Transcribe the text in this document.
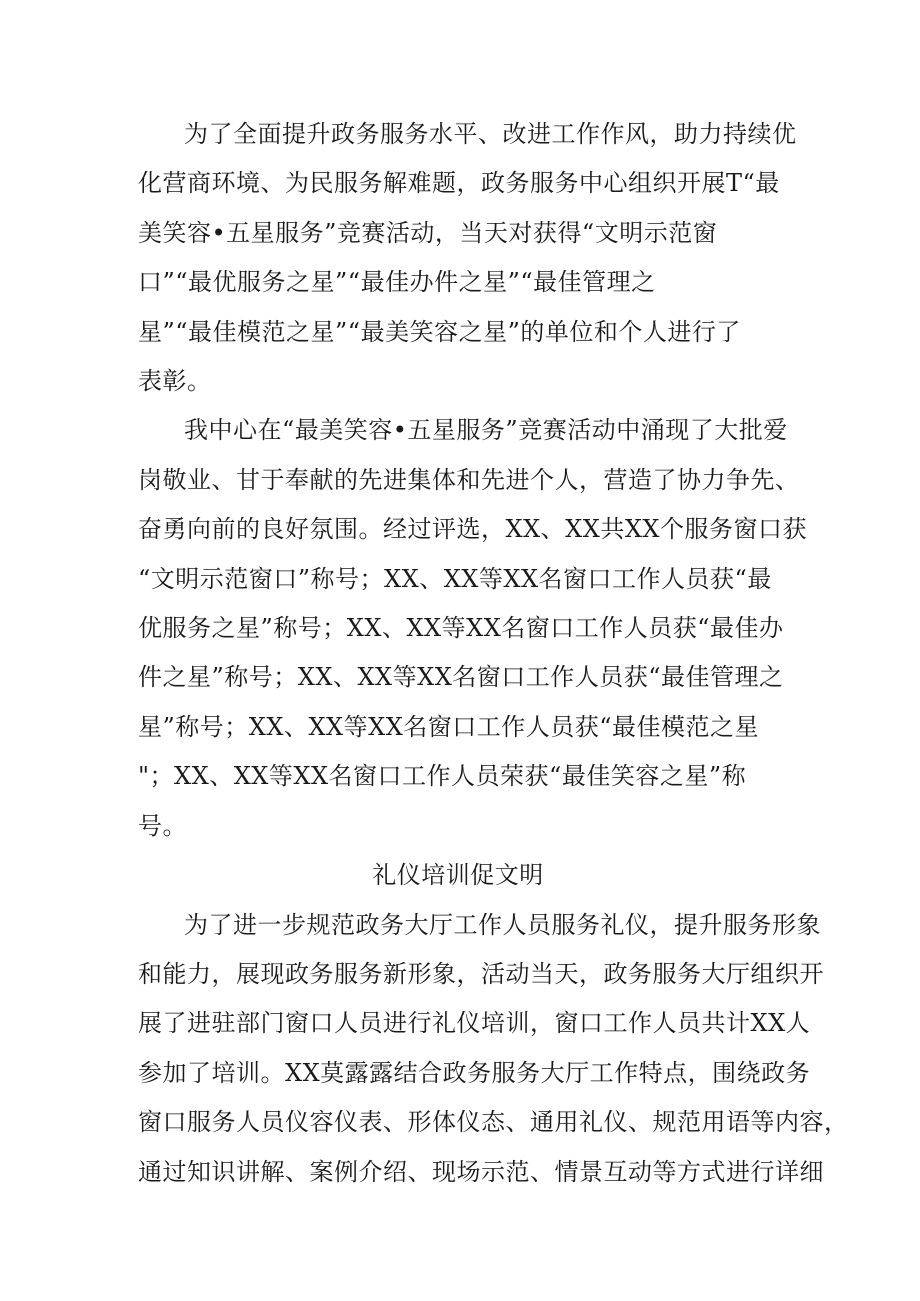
为了全面提升政务服务水平、改进工作作风，助力持续优
化营商环境、为民服务解难题，政务服务中心组织开展T“最
美笑容•五星服务”竞赛活动，当天对获得“文明示范窗
口”“最优服务之星”“最佳办件之星”“最佳管理之
星”“最佳模范之星”“最美笑容之星”的单位和个人进行了
表彰。
我中心在“最美笑容•五星服务”竞赛活动中涌现了大批爱
岗敬业、甘于奉献的先进集体和先进个人，营造了协力争先、
奋勇向前的良好氛围。经过评选，XX、XX共XX个服务窗口获
“文明示范窗口”称号；XX、XX等XX名窗口工作人员获“最
优服务之星”称号；XX、XX等XX名窗口工作人员获“最佳办
件之星”称号；XX、XX等XX名窗口工作人员获“最佳管理之
星”称号；XX、XX等XX名窗口工作人员获“最佳模范之星
"；XX、XX等XX名窗口工作人员荣获“最佳笑容之星”称
号。
礼仪培训促文明
为了进一步规范政务大厅工作人员服务礼仪，提升服务形象
和能力，展现政务服务新形象，活动当天，政务服务大厅组织开
展了进驻部门窗口人员进行礼仪培训，窗口工作人员共计XX人
参加了培训。XX莫露露结合政务服务大厅工作特点，围绕政务
窗口服务人员仪容仪表、形体仪态、通用礼仪、规范用语等内容，
通过知识讲解、案例介绍、现场示范、情景互动等方式进行详细
